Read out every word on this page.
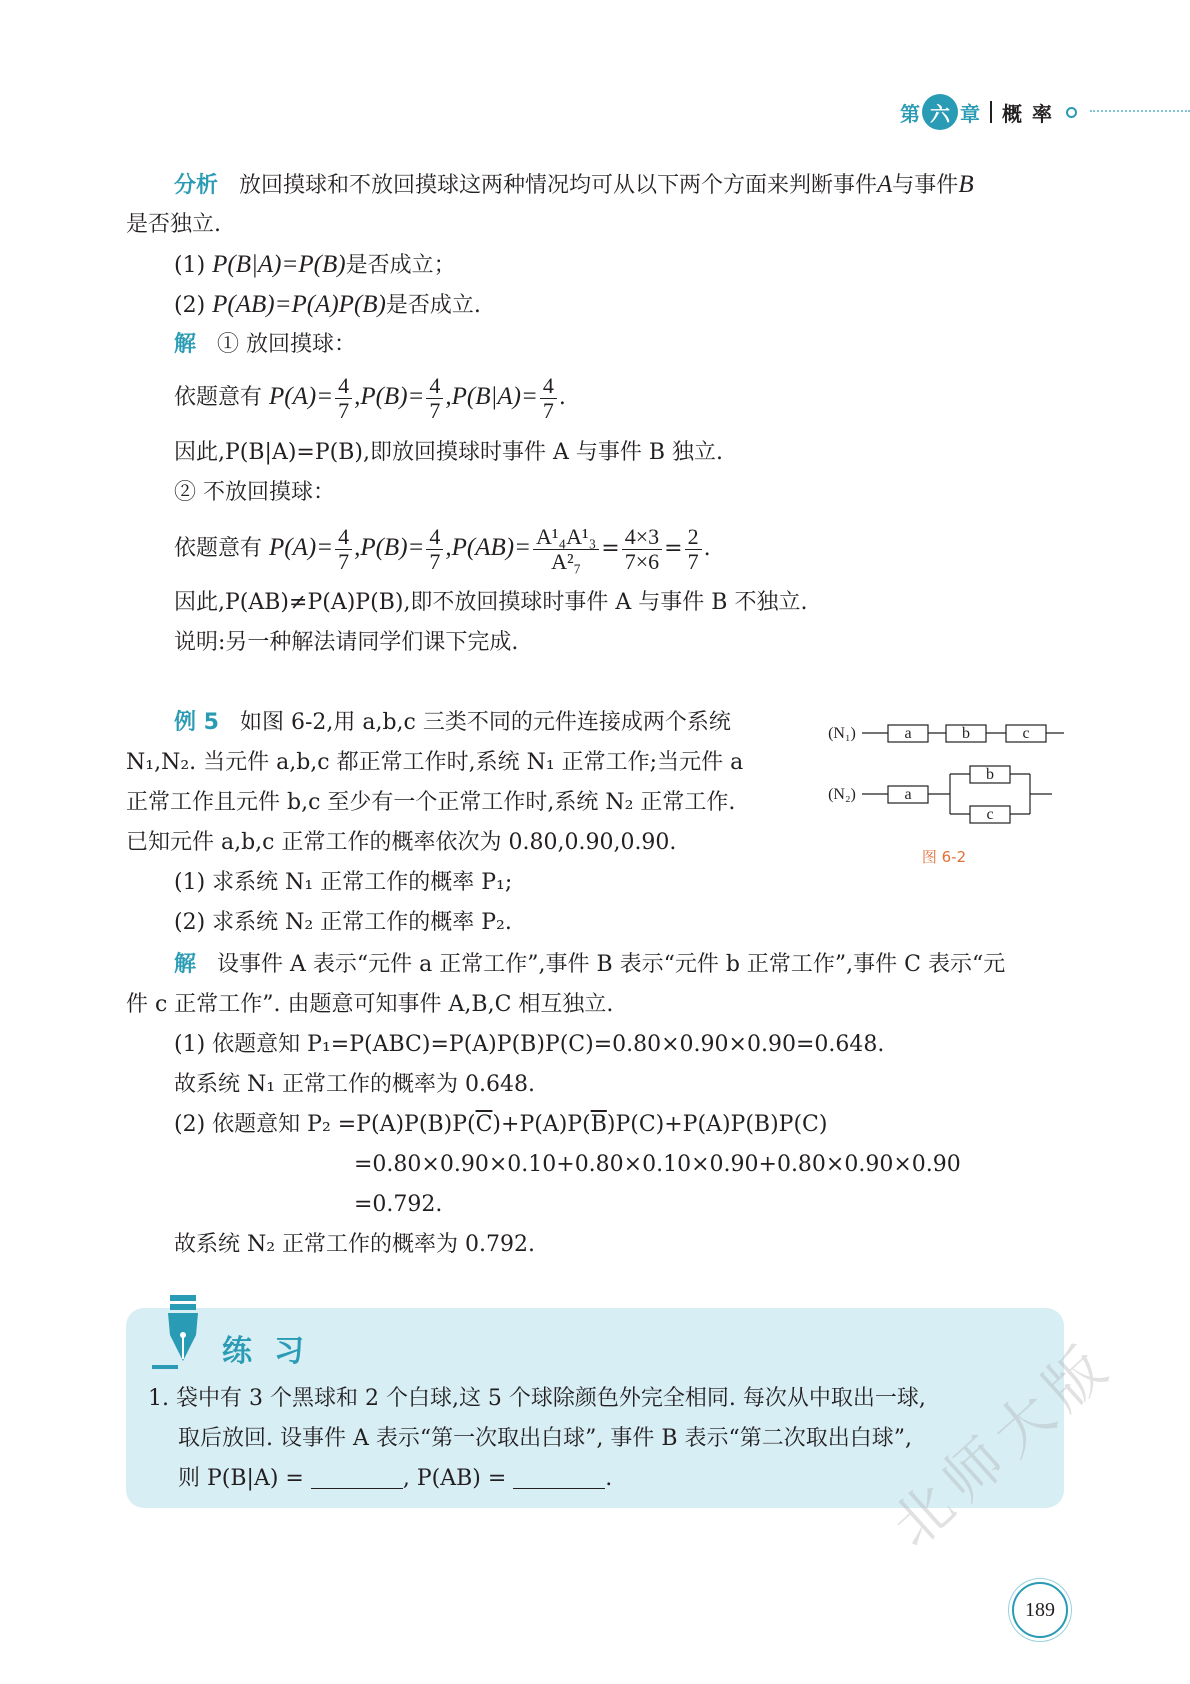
第 六 章 概率
分析 放回摸球和不放回摸球这两种情况均可从以下两个方面来判断事件A与事件B
是否独立.
(1) P(B|A)=P(B)是否成立；
(2) P(AB)=P(A)P(B)是否成立.
解 ① 放回摸球：
依题意有 $P(A)= \frac{4}{7} ,P(B)= \frac{4}{7} ,P(B|A)= \frac{4}{7}$ .
因此,P(B|A)=P(B),即放回摸球时事件 A 与事件 B 独立.
② 不放回摸球：
依题意有 $P(A)= \frac{4}{7} ,P(B)= \frac{4}{7} ,P(AB)= \frac{\text{A¹₄A¹₃}}{\text{A²₇}} = \frac{4\times 3}{7\times 6} = \frac{2}{7}$ .
因此,P(AB)≠P(A)P(B),即不放回摸球时事件 A 与事件 B 不独立.
说明:另一种解法请同学们课下完成.
例 5 如图 6-2,用 a,b,c 三类不同的元件连接成两个系统
N₁,N₂. 当元件 a,b,c 都正常工作时,系统 N₁ 正常工作;当元件 a
正常工作且元件 b,c 至少有一个正常工作时,系统 N₂ 正常工作.
已知元件 a,b,c 正常工作的概率依次为 0.80,0.90,0.90.
(1) 求系统 N₁ 正常工作的概率 P₁;
(2) 求系统 N₂ 正常工作的概率 P₂.
(N₁)
(N₂)
a	b	c
a
b
c
图 6-2
解 设事件 A 表示“元件 a 正常工作”,事件 B 表示“元件 b 正常工作”,事件 C 表示“元
件 c 正常工作”. 由题意可知事件 A,B,C 相互独立.
(1) 依题意知 P₁=P(ABC)=P(A)P(B)P(C)=0.80×0.90×0.90=0.648.
故系统 N₁ 正常工作的概率为 0.648.
(2) 依题意知 $P_2 =P(A)P(B)P(\overline{C})+P(A)P(\overline{B})P(C)+P(A)P(B)P(C)$
=0.80×0.90×0.10+0.80×0.10×0.90+0.80×0.90×0.90
=0.792.
故系统 N₂ 正常工作的概率为 0.792.
练习
1. 袋中有 3 个黑球和 2 个白球,这 5 个球除颜色外完全相同. 每次从中取出一球,
取后放回. 设事件 A 表示“第一次取出白球”, 事件 B 表示“第二次取出白球”,
则 P(B|A) =	, P(AB) =	.	北师大版
189
